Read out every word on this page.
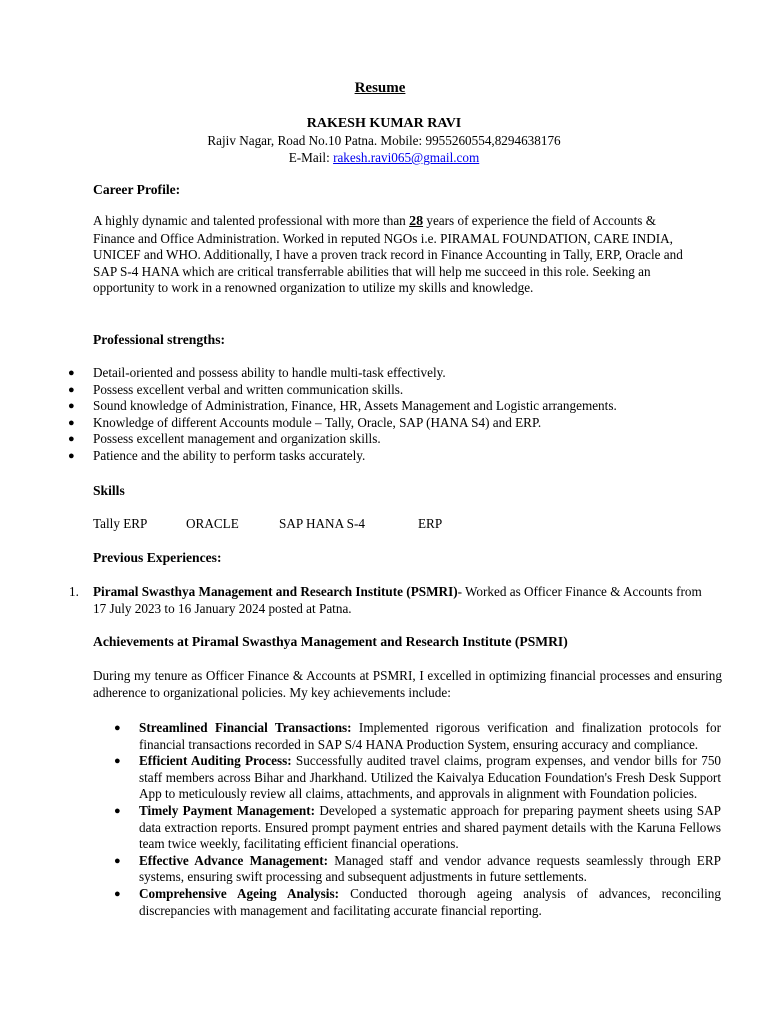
Resume
RAKESH KUMAR RAVI
Rajiv Nagar, Road No.10 Patna. Mobile: 9955260554,8294638176
E-Mail: rakesh.ravi065@gmail.com
Career Profile:
A highly dynamic and talented professional with more than 28 years of experience the field of Accounts & Finance and Office Administration. Worked in reputed NGOs i.e. PIRAMAL FOUNDATION, CARE INDIA, UNICEF and WHO. Additionally, I have a proven track record in Finance Accounting in Tally, ERP, Oracle and SAP S-4 HANA which are critical transferrable abilities that will help me succeed in this role. Seeking an opportunity to work in a renowned organization to utilize my skills and knowledge.
Professional strengths:
● Detail-oriented and possess ability to handle multi-task effectively.
● Possess excellent verbal and written communication skills.
● Sound knowledge of Administration, Finance, HR, Assets Management and Logistic arrangements.
● Knowledge of different Accounts module – Tally, Oracle, SAP (HANA S4) and ERP.
● Possess excellent management and organization skills.
● Patience and the ability to perform tasks accurately.
Skills
Tally ERP	ORACLE	SAP HANA S-4	ERP
Previous Experiences:
1. Piramal Swasthya Management and Research Institute (PSMRI)- Worked as Officer Finance & Accounts from 17 July 2023 to 16 January 2024 posted at Patna.
Achievements at Piramal Swasthya Management and Research Institute (PSMRI)
During my tenure as Officer Finance & Accounts at PSMRI, I excelled in optimizing financial processes and ensuring adherence to organizational policies. My key achievements include:
● Streamlined Financial Transactions: Implemented rigorous verification and finalization protocols for financial transactions recorded in SAP S/4 HANA Production System, ensuring accuracy and compliance.
● Efficient Auditing Process: Successfully audited travel claims, program expenses, and vendor bills for 750 staff members across Bihar and Jharkhand. Utilized the Kaivalya Education Foundation's Fresh Desk Support App to meticulously review all claims, attachments, and approvals in alignment with Foundation policies.
● Timely Payment Management: Developed a systematic approach for preparing payment sheets using SAP data extraction reports. Ensured prompt payment entries and shared payment details with the Karuna Fellows team twice weekly, facilitating efficient financial operations.
● Effective Advance Management: Managed staff and vendor advance requests seamlessly through ERP systems, ensuring swift processing and subsequent adjustments in future settlements.
● Comprehensive Ageing Analysis: Conducted thorough ageing analysis of advances, reconciling discrepancies with management and facilitating accurate financial reporting.
